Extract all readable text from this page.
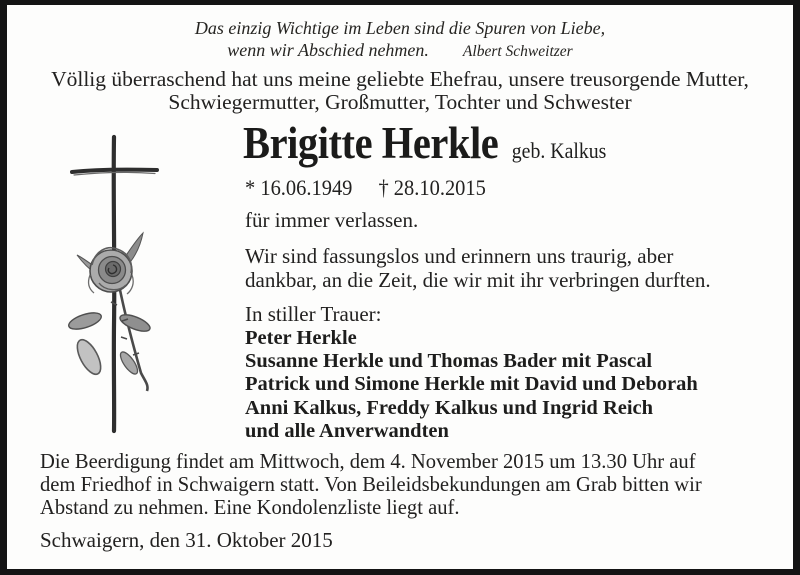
Das einzig Wichtige im Leben sind die Spuren von Liebe,
wenn wir Abschied nehmen. Albert Schweitzer
Völlig überraschend hat uns meine geliebte Ehefrau, unsere treusorgende Mutter,
Schwiegermutter, Großmutter, Tochter und Schwester
Brigitte Herkle geb. Kalkus
* 16.06.1949 † 28.10.2015
für immer verlassen.
Wir sind fassungslos und erinnern uns traurig, aber
dankbar, an die Zeit, die wir mit ihr verbringen durften.
In stiller Trauer:
Peter Herkle
Susanne Herkle und Thomas Bader mit Pascal
Patrick und Simone Herkle mit David und Deborah
Anni Kalkus, Freddy Kalkus und Ingrid Reich
und alle Anverwandten
Die Beerdigung findet am Mittwoch, dem 4. November 2015 um 13.30 Uhr auf
dem Friedhof in Schwaigern statt. Von Beileidsbekundungen am Grab bitten wir
Abstand zu nehmen. Eine Kondolenzliste liegt auf.
Schwaigern, den 31. Oktober 2015
